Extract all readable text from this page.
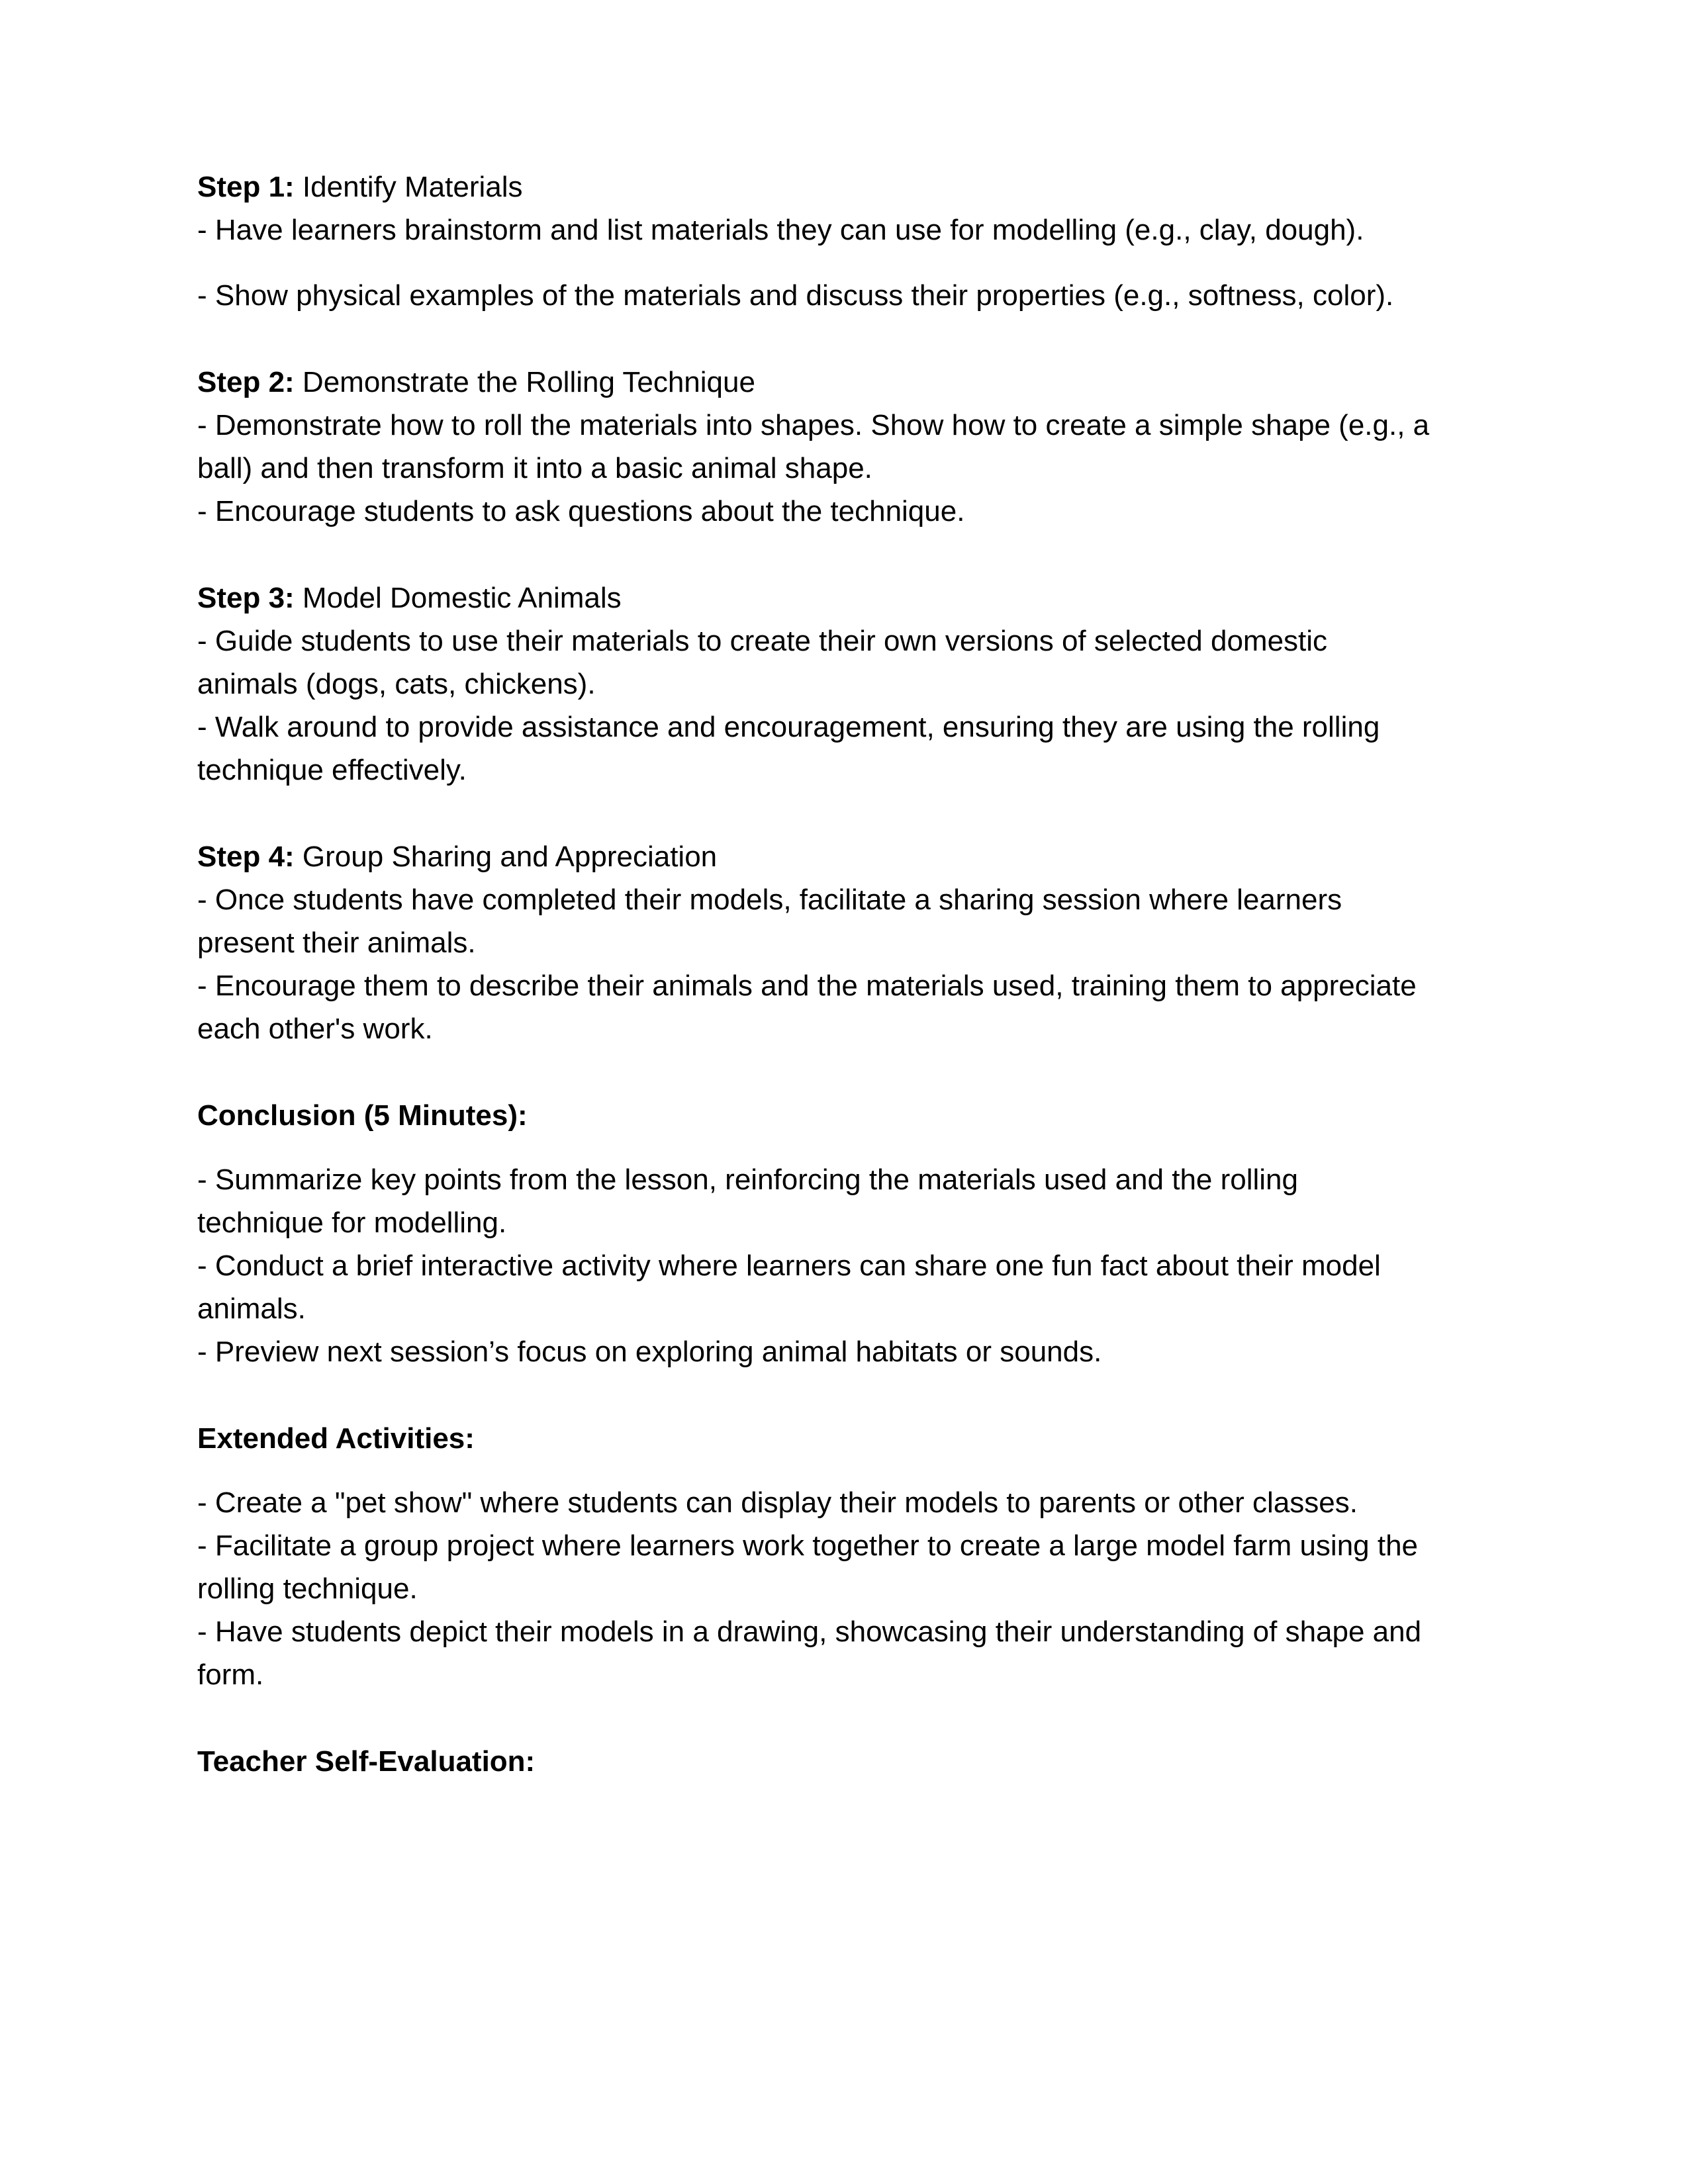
Step 1: Identify Materials
- Have learners brainstorm and list materials they can use for modelling (e.g., clay, dough).
- Show physical examples of the materials and discuss their properties (e.g., softness, color).
Step 2: Demonstrate the Rolling Technique
- Demonstrate how to roll the materials into shapes. Show how to create a simple shape (e.g., a
ball) and then transform it into a basic animal shape.
- Encourage students to ask questions about the technique.
Step 3: Model Domestic Animals
- Guide students to use their materials to create their own versions of selected domestic
animals (dogs, cats, chickens).
- Walk around to provide assistance and encouragement, ensuring they are using the rolling
technique effectively.
Step 4: Group Sharing and Appreciation
- Once students have completed their models, facilitate a sharing session where learners
present their animals.
- Encourage them to describe their animals and the materials used, training them to appreciate
each other's work.
Conclusion (5 Minutes):
- Summarize key points from the lesson, reinforcing the materials used and the rolling
technique for modelling.
- Conduct a brief interactive activity where learners can share one fun fact about their model
animals.
- Preview next session’s focus on exploring animal habitats or sounds.
Extended Activities:
- Create a "pet show" where students can display their models to parents or other classes.
- Facilitate a group project where learners work together to create a large model farm using the
rolling technique.
- Have students depict their models in a drawing, showcasing their understanding of shape and
form.
Teacher Self-Evaluation:
